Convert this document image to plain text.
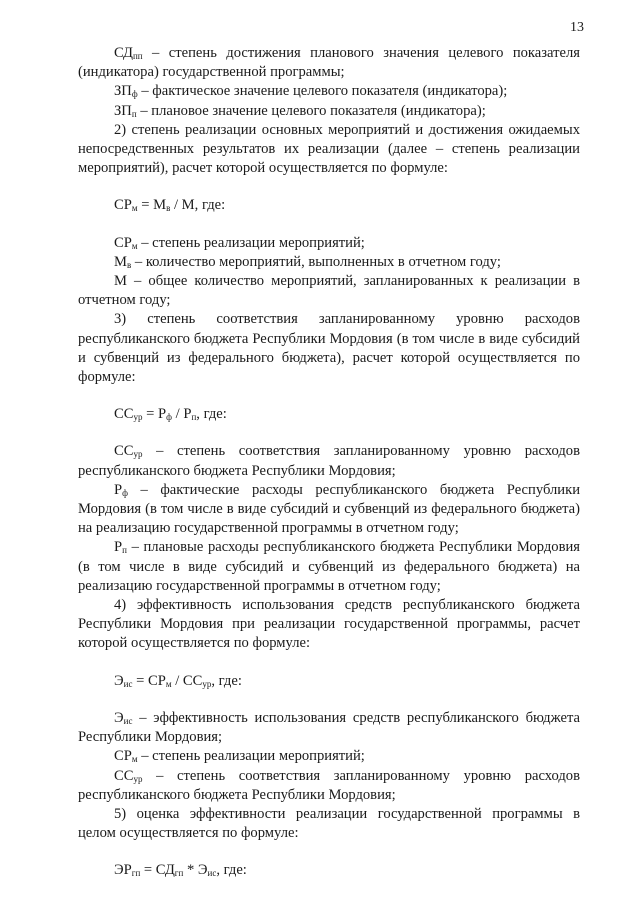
13

$СД_{пп}$ – степень достижения планового значения целевого показателя (индикатора) государственной программы;

$ЗП_ф$ – фактическое значение целевого показателя (индикатора);

$ЗП_п$ – плановое значение целевого показателя (индикатора);

2) степень реализации основных мероприятий и достижения ожидаемых непосредственных результатов их реализации (далее – степень реализации мероприятий), расчет которой осуществляется по формуле:

$СР_м = М_в / М$, где:

$СР_м$ – степень реализации мероприятий;

$М_в$ – количество мероприятий, выполненных в отчетном году;

М – общее количество мероприятий, запланированных к реализации в отчетном году;

3) степень соответствия запланированному уровню расходов республиканского бюджета Республики Мордовия (в том числе в виде субсидий и субвенций из федерального бюджета), расчет которой осуществляется по формуле:

$СС_{ур} = Р_ф / Р_п$, где:

$СС_{ур}$ – степень соответствия запланированному уровню расходов республиканского бюджета Республики Мордовия;

$Р_ф$ – фактические расходы республиканского бюджета Республики Мордовия (в том числе в виде субсидий и субвенций из федерального бюджета) на реализацию государственной программы в отчетном году;

$Р_п$ – плановые расходы республиканского бюджета Республики Мордовия (в том числе в виде субсидий и субвенций из федерального бюджета) на реализацию государственной программы в отчетном году;

4) эффективность использования средств республиканского бюджета Республики Мордовия при реализации государственной программы, расчет которой осуществляется по формуле:

$Э_{ис} = СР_м / СС_{ур}$, где:

$Э_{ис}$ – эффективность использования средств республиканского бюджета Республики Мордовия;

$СР_м$ – степень реализации мероприятий;

$СС_{ур}$ – степень соответствия запланированному уровню расходов республиканского бюджета Республики Мордовия;

5) оценка эффективности реализации государственной программы в целом осуществляется по формуле:

$ЭР_{гп} = СД_{гп} * Э_{ис}$, где:
